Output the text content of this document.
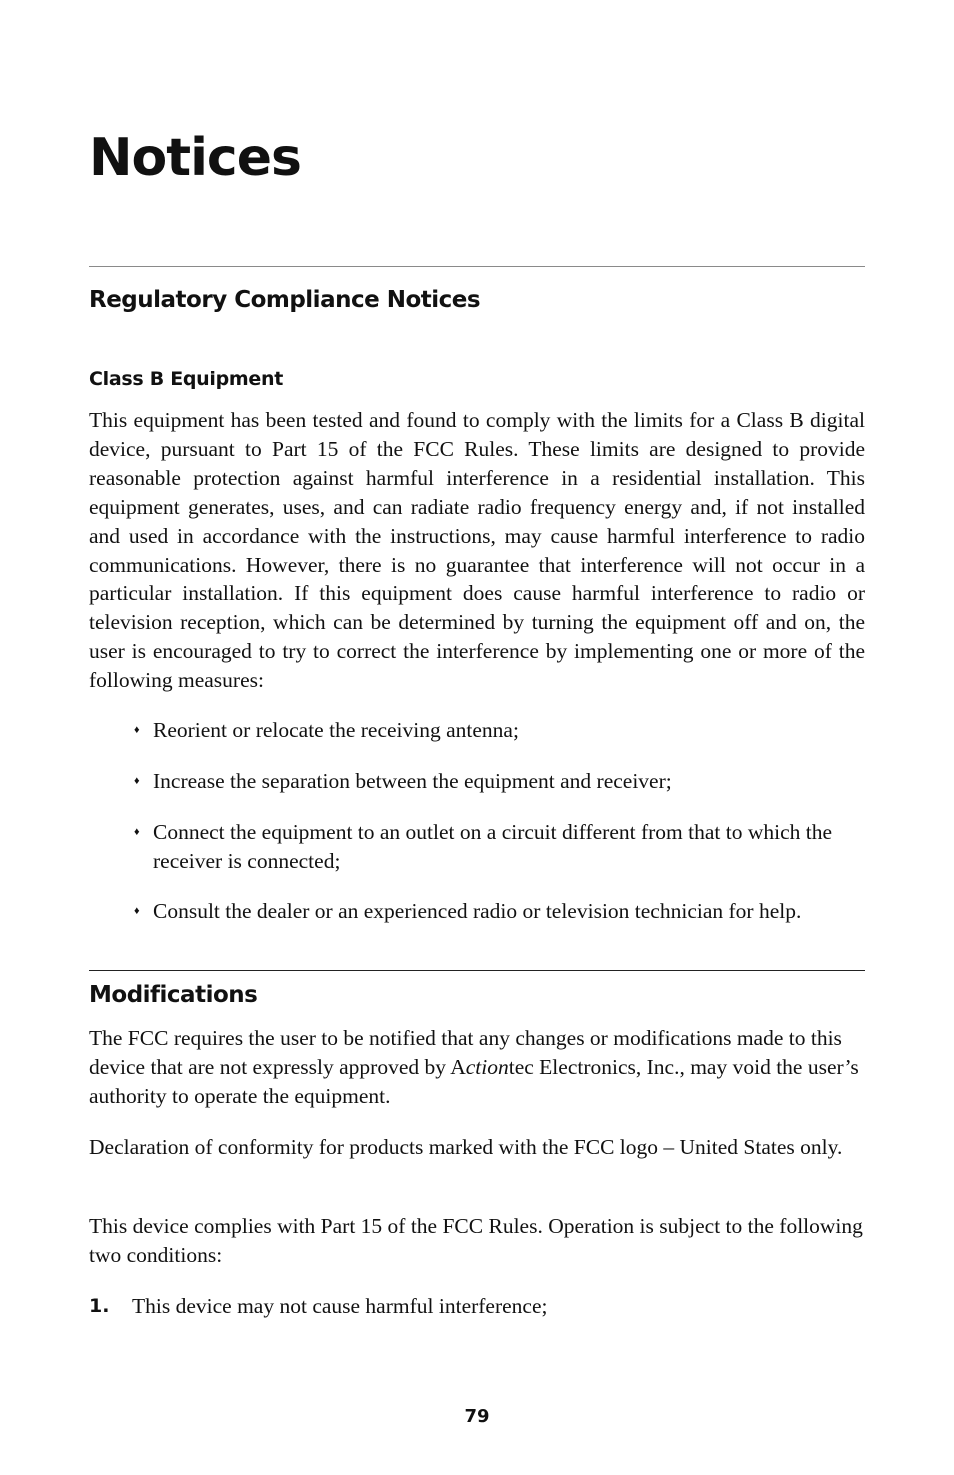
Notices
Regulatory Compliance Notices
Class B Equipment

This equipment has been tested and found to comply with the limits for a Class B digital device, pursuant to Part 15 of the FCC Rules. These limits are designed to provide reasonable protection against harmful interference in a residential installation. This equipment generates, uses, and can radiate radio frequency energy and, if not installed and used in accordance with the instructions, may cause harmful interference to radio communications. However, there is no guarantee that interference will not occur in a particular installation. If this equipment does cause harmful interference to radio or television reception, which can be determined by turning the equipment off and on, the user is encouraged to try to correct the interference by implementing one or more of the following measures:

♦ Reorient or relocate the receiving antenna;
♦ Increase the separation between the equipment and receiver;
♦ Connect the equipment to an outlet on a circuit different from that to which the receiver is connected;
♦ Consult the dealer or an experienced radio or television technician for help.
Modifications

The FCC requires the user to be notified that any changes or modifications made to this device that are not expressly approved by Actiontec Electronics, Inc., may void the user’s authority to operate the equipment.

Declaration of conformity for products marked with the FCC logo – United States only.

This device complies with Part 15 of the FCC Rules. Operation is subject to the following two conditions:

1. This device may not cause harmful interference;
79
